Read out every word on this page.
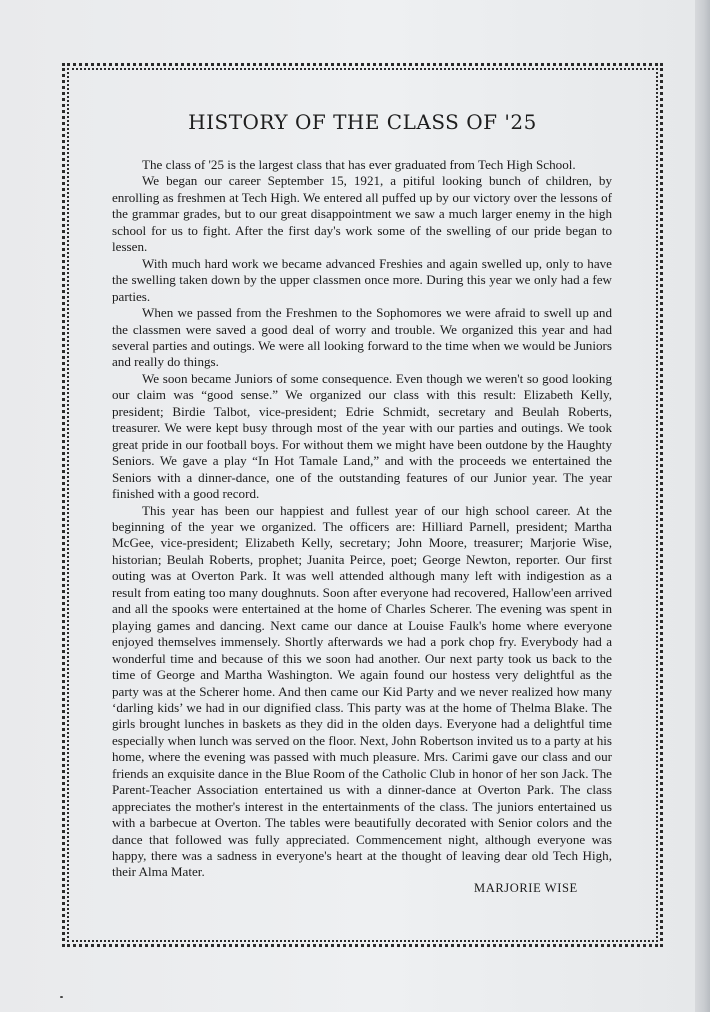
HISTORY OF THE CLASS OF '25

The class of '25 is the largest class that has ever graduated from Tech High School.

We began our career September 15, 1921, a pitiful looking bunch of children, by enrolling as freshmen at Tech High. We entered all puffed up by our victory over the lessons of the grammar grades, but to our great disappointment we saw a much larger enemy in the high school for us to fight. After the first day's work some of the swelling of our pride began to lessen.

With much hard work we became advanced Freshies and again swelled up, only to have the swelling taken down by the upper classmen once more. During this year we only had a few parties.

When we passed from the Freshmen to the Sophomores we were afraid to swell up and the classmen were saved a good deal of worry and trouble. We organized this year and had several parties and outings. We were all looking forward to the time when we would be Juniors and really do things.

We soon became Juniors of some consequence. Even though we weren't so good looking our claim was “good sense.” We organized our class with this result: Elizabeth Kelly, president; Birdie Talbot, vice-president; Edrie Schmidt, secretary and Beulah Roberts, treasurer. We were kept busy through most of the year with our parties and outings. We took great pride in our football boys. For without them we might have been outdone by the Haughty Seniors. We gave a play “In Hot Tamale Land,” and with the proceeds we entertained the Seniors with a dinner-dance, one of the outstanding features of our Junior year. The year finished with a good record.

This year has been our happiest and fullest year of our high school career. At the beginning of the year we organized. The officers are: Hilliard Parnell, president; Martha McGee, vice-president; Elizabeth Kelly, secretary; John Moore, treasurer; Marjorie Wise, historian; Beulah Roberts, prophet; Juanita Peirce, poet; George Newton, reporter. Our first outing was at Overton Park. It was well attended although many left with indigestion as a result from eating too many doughnuts. Soon after everyone had recovered, Hallow'een arrived and all the spooks were entertained at the home of Charles Scherer. The evening was spent in playing games and dancing. Next came our dance at Louise Faulk's home where everyone enjoyed themselves immensely. Shortly afterwards we had a pork chop fry. Everybody had a wonderful time and because of this we soon had another. Our next party took us back to the time of George and Martha Washington. We again found our hostess very delightful as the party was at the Scherer home. And then came our Kid Party and we never realized how many ‘darling kids’ we had in our dignified class. This party was at the home of Thelma Blake. The girls brought lunches in baskets as they did in the olden days. Everyone had a delightful time especially when lunch was served on the floor. Next, John Robertson invited us to a party at his home, where the evening was passed with much pleasure. Mrs. Carimi gave our class and our friends an exquisite dance in the Blue Room of the Catholic Club in honor of her son Jack. The Parent-Teacher Association entertained us with a dinner-dance at Overton Park. The class appreciates the mother's interest in the entertainments of the class. The juniors entertained us with a barbecue at Overton. The tables were beautifully decorated with Senior colors and the dance that followed was fully appreciated. Commencement night, although everyone was happy, there was a sadness in everyone's heart at the thought of leaving dear old Tech High, their Alma Mater.

MARJORIE WISE
